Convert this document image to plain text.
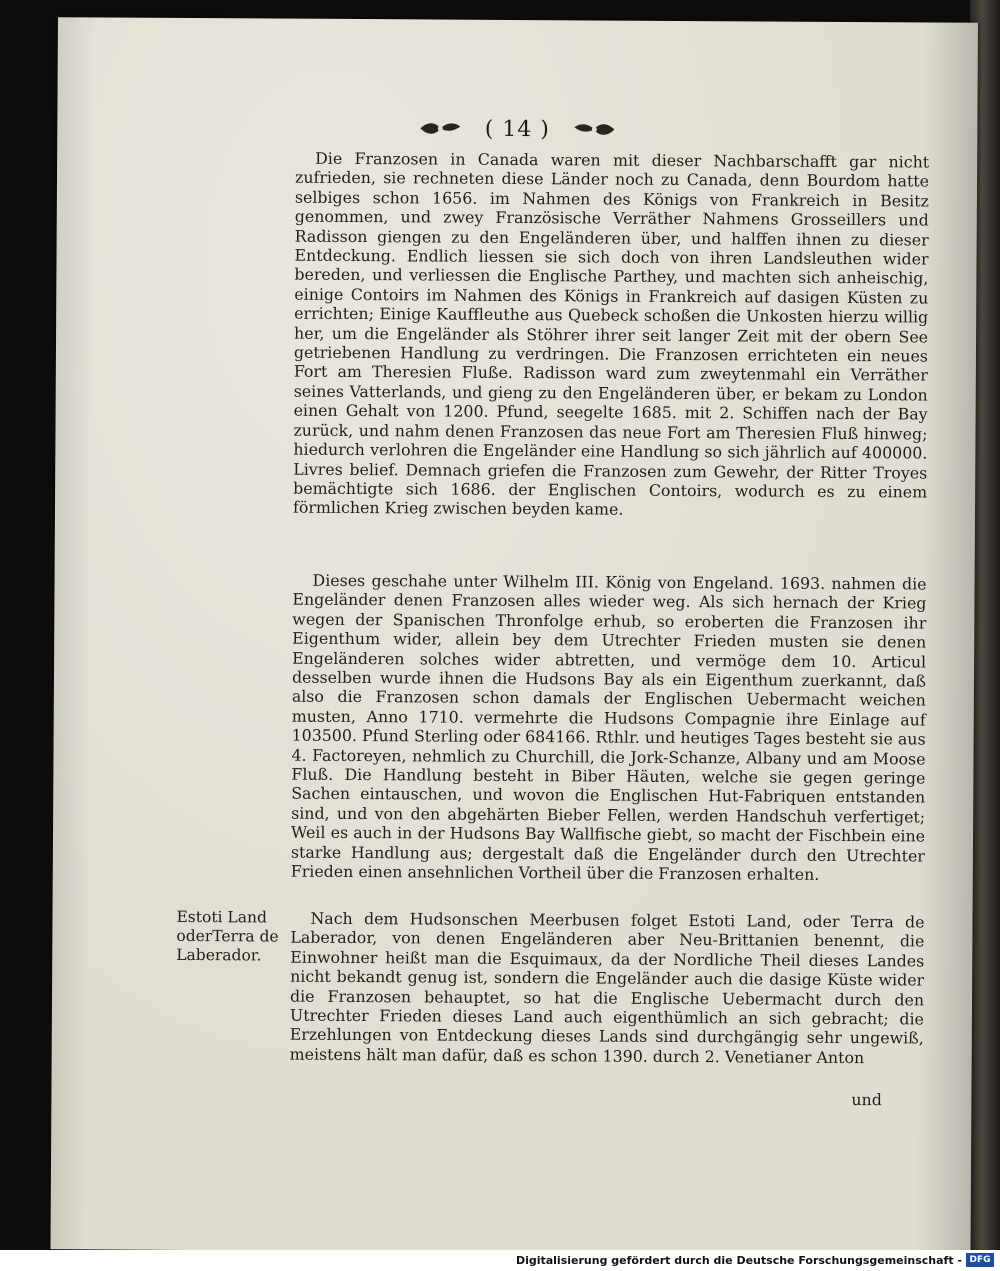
( 14 )

Die Franzosen in Canada waren mit dieser Nachbarschafft gar nicht zufrieden, sie rechneten diese Länder noch zu Canada, denn Bourdom hatte selbiges schon 1656. im Nahmen des Königs von Frankreich in Besitz genommen, und zwey Französische Verräther Nahmens Grosseillers und Radisson giengen zu den Engeländeren über, und halffen ihnen zu dieser Entdeckung. Endlich liessen sie sich doch von ihren Landsleuthen wider bereden, und verliessen die Englische Parthey, und machten sich anheischig, einige Contoirs im Nahmen des Königs in Frankreich auf dasigen Küsten zu errichten; Einige Kauffleuthe aus Quebeck schoßen die Unkosten hierzu willig her, um die Engeländer als Stöhrer ihrer seit langer Zeit mit der obern See getriebenen Handlung zu verdringen. Die Franzosen errichteten ein neues Fort am Theresien Fluße. Radisson ward zum zweytenmahl ein Verräther seines Vatterlands, und gieng zu den Engeländeren über, er bekam zu London einen Gehalt von 1200. Pfund, seegelte 1685. mit 2. Schiffen nach der Bay zurück, und nahm denen Franzosen das neue Fort am Theresien Fluß hinweg; hiedurch verlohren die Engeländer eine Handlung so sich jährlich auf 400000. Livres belief. Demnach griefen die Franzosen zum Gewehr, der Ritter Troyes bemächtigte sich 1686. der Englischen Contoirs, wodurch es zu einem förmlichen Krieg zwischen beyden kame.

Dieses geschahe unter Wilhelm III. König von Engeland. 1693. nahmen die Engeländer denen Franzosen alles wieder weg. Als sich hernach der Krieg wegen der Spanischen Thronfolge erhub, so eroberten die Franzosen ihr Eigenthum wider, allein bey dem Utrechter Frieden musten sie denen Engeländeren solches wider abtretten, und vermöge dem 10. Articul desselben wurde ihnen die Hudsons Bay als ein Eigenthum zuerkannt, daß also die Franzosen schon damals der Englischen Uebermacht weichen musten, Anno 1710. vermehrte die Hudsons Compagnie ihre Einlage auf 103500. Pfund Sterling oder 684166. Rthlr. und heutiges Tages besteht sie aus 4. Factoreyen, nehmlich zu Churchill, die Jork-Schanze, Albany und am Moose Fluß. Die Handlung besteht in Biber Häuten, welche sie gegen geringe Sachen eintauschen, und wovon die Englischen Hut-Fabriquen entstanden sind, und von den abgehärten Bieber Fellen, werden Handschuh verfertiget; Weil es auch in der Hudsons Bay Wallfische giebt, so macht der Fischbein eine starke Handlung aus; dergestalt daß die Engeländer durch den Utrechter Frieden einen ansehnlichen Vortheil über die Franzosen erhalten.

Estoti Land
oderTerra de
Laberador.

Nach dem Hudsonschen Meerbusen folget Estoti Land, oder Terra de Laberador, von denen Engeländeren aber Neu-Brittanien benennt, die Einwohner heißt man die Esquimaux, da der Nordliche Theil dieses Landes nicht bekandt genug ist, sondern die Engeländer auch die dasige Küste wider die Franzosen behauptet, so hat die Englische Uebermacht durch den Utrechter Frieden dieses Land auch eigenthümlich an sich gebracht; die Erzehlungen von Entdeckung dieses Lands sind durchgängig sehr ungewiß, meistens hält man dafür, daß es schon 1390. durch 2. Venetianer Anton

und
Digitalisierung gefördert durch die Deutsche Forschungsgemeinschaft - DFG
